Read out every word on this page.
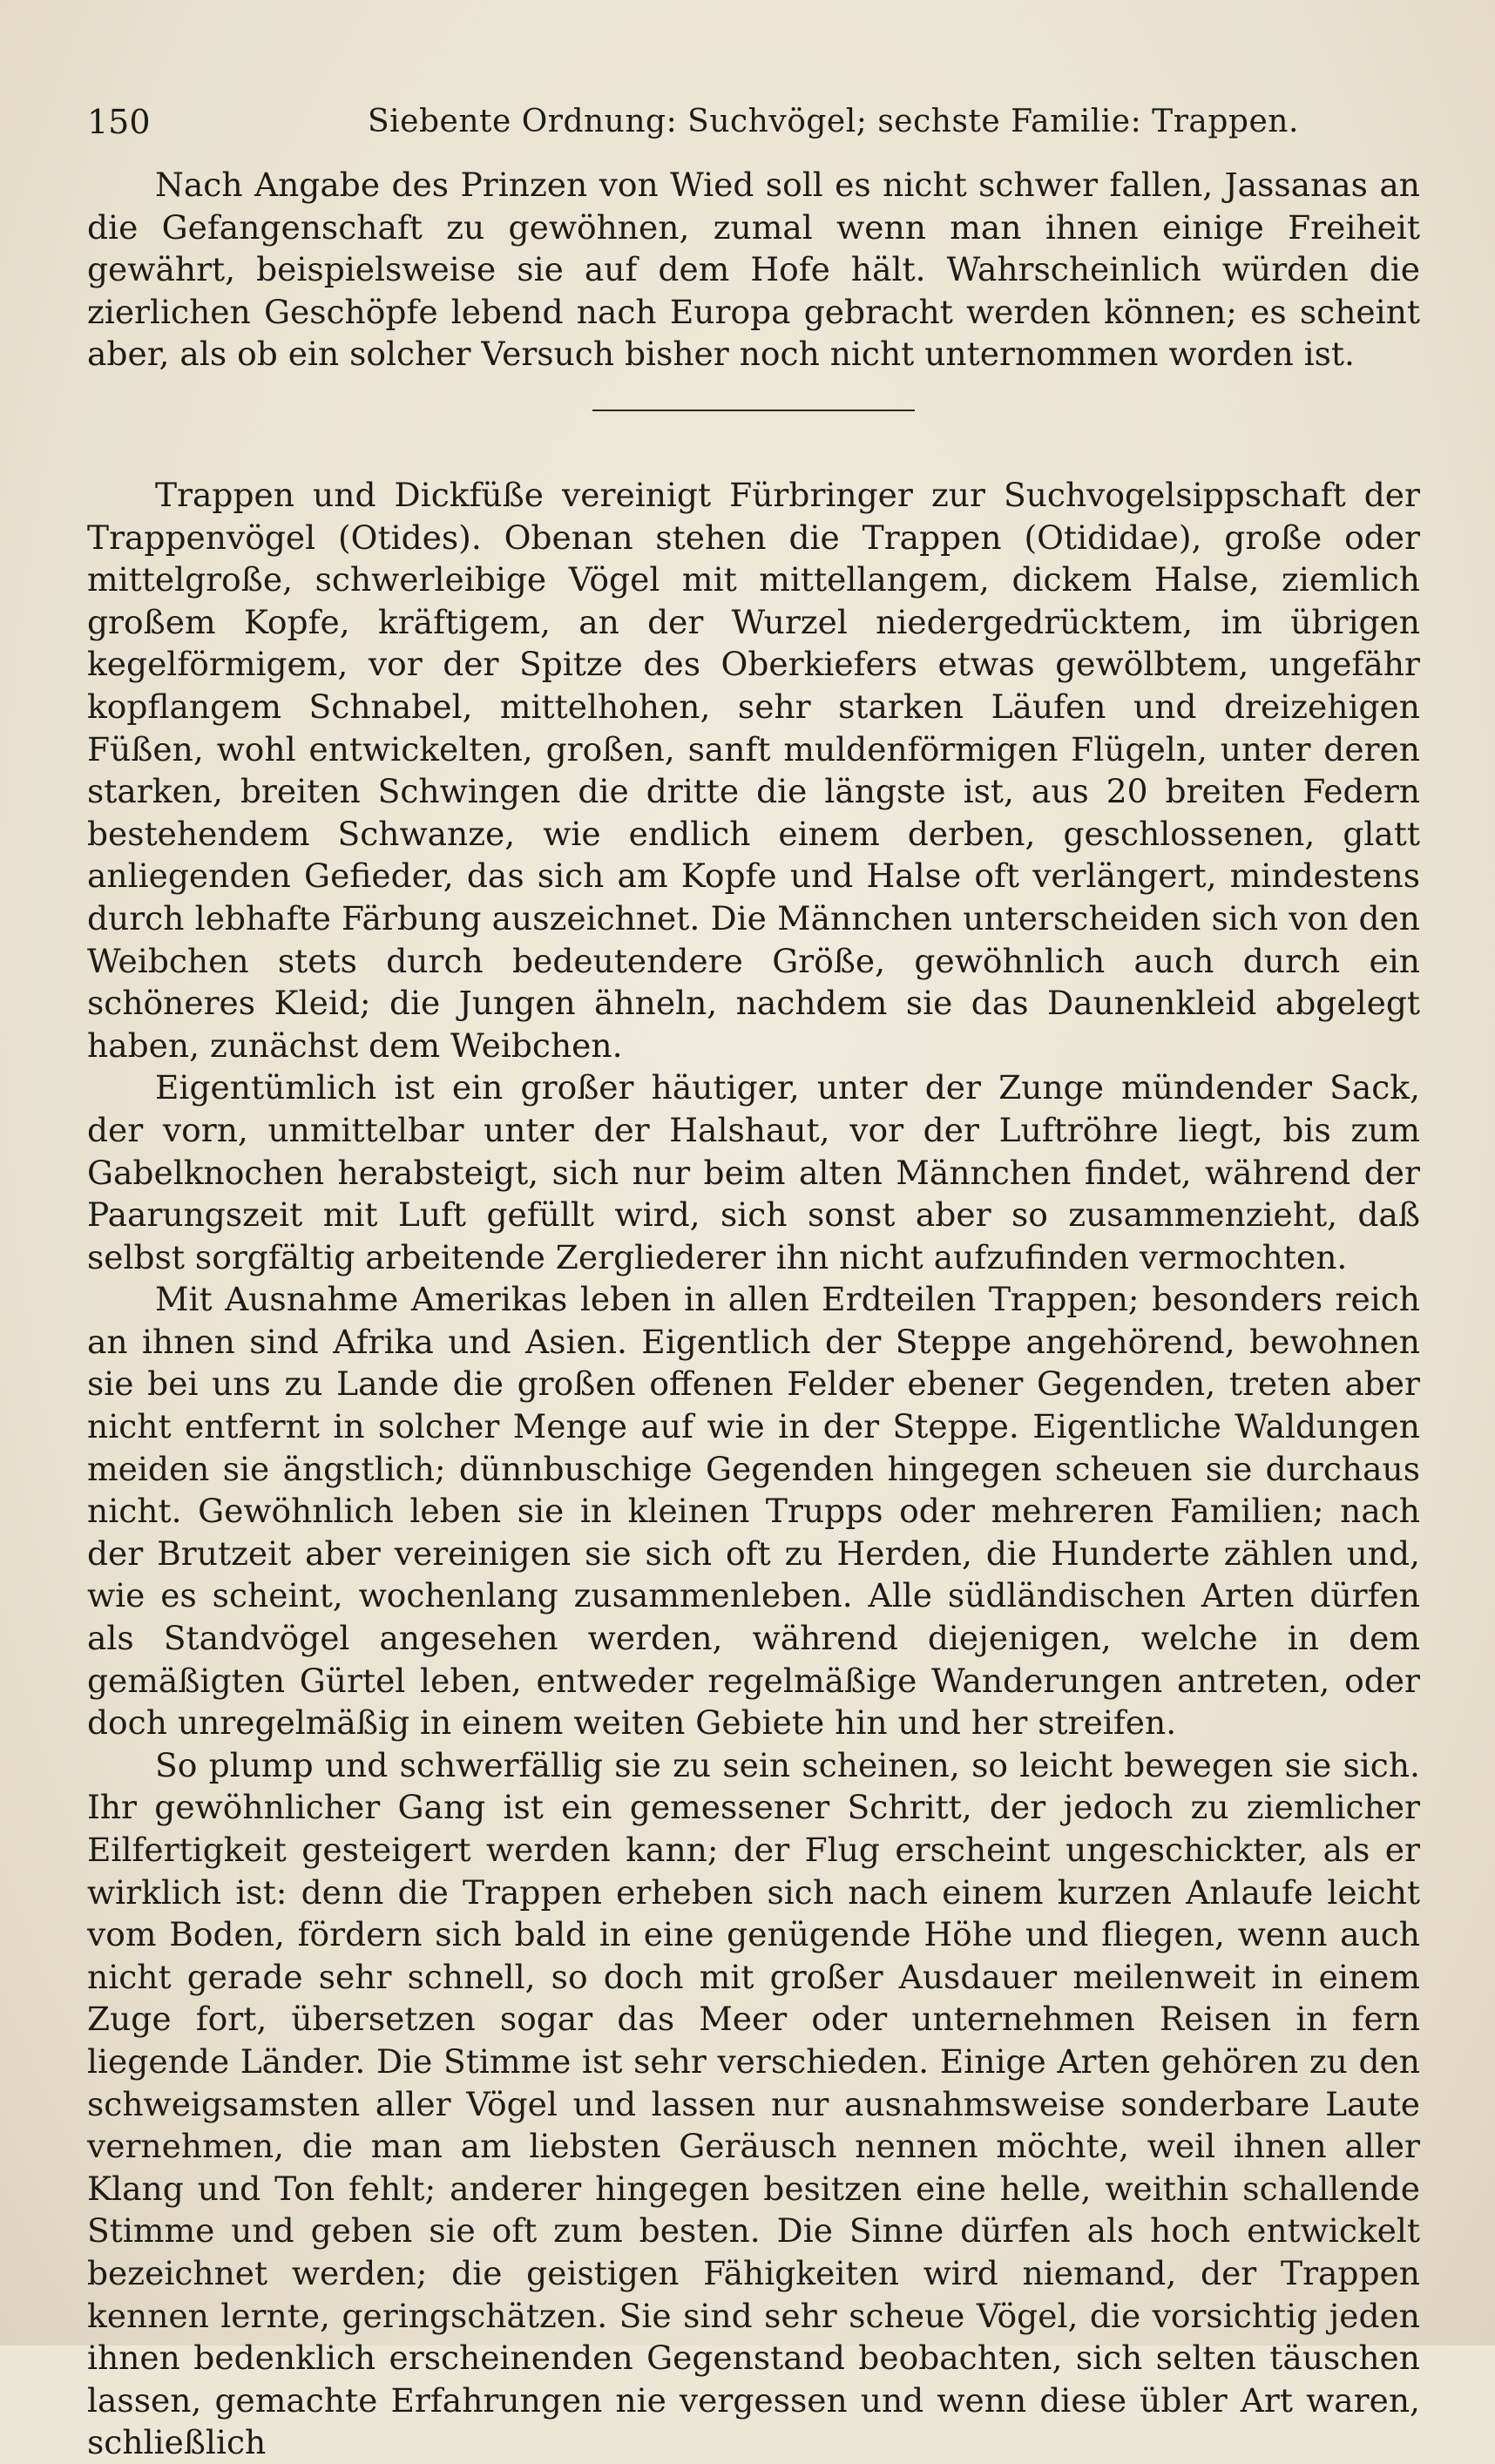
150	Siebente Ordnung: Suchvögel; sechste Familie: Trappen.

Nach Angabe des Prinzen von Wied soll es nicht schwer fallen, Jassanas an die Gefangenschaft zu gewöhnen, zumal wenn man ihnen einige Freiheit gewährt, beispielsweise sie auf dem Hofe hält. Wahrscheinlich würden die zierlichen Geschöpfe lebend nach Europa gebracht werden können; es scheint aber, als ob ein solcher Versuch bisher noch nicht unternommen worden ist.

Trappen und Dickfüße vereinigt Fürbringer zur Suchvogelsippschaft der Trappenvögel (Otides). Obenan stehen die Trappen (Otididae), große oder mittelgroße, schwerleibige Vögel mit mittellangem, dickem Halse, ziemlich großem Kopfe, kräftigem, an der Wurzel niedergedrücktem, im übrigen kegelförmigem, vor der Spitze des Oberkiefers etwas gewölbtem, ungefähr kopflangem Schnabel, mittelhohen, sehr starken Läufen und dreizehigen Füßen, wohl entwickelten, großen, sanft muldenförmigen Flügeln, unter deren starken, breiten Schwingen die dritte die längste ist, aus 20 breiten Federn bestehendem Schwanze, wie endlich einem derben, geschlossenen, glatt anliegenden Gefieder, das sich am Kopfe und Halse oft verlängert, mindestens durch lebhafte Färbung auszeichnet. Die Männchen unterscheiden sich von den Weibchen stets durch bedeutendere Größe, gewöhnlich auch durch ein schöneres Kleid; die Jungen ähneln, nachdem sie das Daunenkleid abgelegt haben, zunächst dem Weibchen.

Eigentümlich ist ein großer häutiger, unter der Zunge mündender Sack, der vorn, unmittelbar unter der Halshaut, vor der Luftröhre liegt, bis zum Gabelknochen herabsteigt, sich nur beim alten Männchen findet, während der Paarungszeit mit Luft gefüllt wird, sich sonst aber so zusammenzieht, daß selbst sorgfältig arbeitende Zergliederer ihn nicht aufzufinden vermochten.

Mit Ausnahme Amerikas leben in allen Erdteilen Trappen; besonders reich an ihnen sind Afrika und Asien. Eigentlich der Steppe angehörend, bewohnen sie bei uns zu Lande die großen offenen Felder ebener Gegenden, treten aber nicht entfernt in solcher Menge auf wie in der Steppe. Eigentliche Waldungen meiden sie ängstlich; dünnbuschige Gegenden hingegen scheuen sie durchaus nicht. Gewöhnlich leben sie in kleinen Trupps oder mehreren Familien; nach der Brutzeit aber vereinigen sie sich oft zu Herden, die Hunderte zählen und, wie es scheint, wochenlang zusammenleben. Alle südländischen Arten dürfen als Standvögel angesehen werden, während diejenigen, welche in dem gemäßigten Gürtel leben, entweder regelmäßige Wanderungen antreten, oder doch unregelmäßig in einem weiten Gebiete hin und her streifen.

So plump und schwerfällig sie zu sein scheinen, so leicht bewegen sie sich. Ihr gewöhnlicher Gang ist ein gemessener Schritt, der jedoch zu ziemlicher Eilfertigkeit gesteigert werden kann; der Flug erscheint ungeschickter, als er wirklich ist: denn die Trappen erheben sich nach einem kurzen Anlaufe leicht vom Boden, fördern sich bald in eine genügende Höhe und fliegen, wenn auch nicht gerade sehr schnell, so doch mit großer Ausdauer meilenweit in einem Zuge fort, übersetzen sogar das Meer oder unternehmen Reisen in fern liegende Länder. Die Stimme ist sehr verschieden. Einige Arten gehören zu den schweigsamsten aller Vögel und lassen nur ausnahmsweise sonderbare Laute vernehmen, die man am liebsten Geräusch nennen möchte, weil ihnen aller Klang und Ton fehlt; anderer hingegen besitzen eine helle, weithin schallende Stimme und geben sie oft zum besten. Die Sinne dürfen als hoch entwickelt bezeichnet werden; die geistigen Fähigkeiten wird niemand, der Trappen kennen lernte, geringschätzen. Sie sind sehr scheue Vögel, die vorsichtig jeden ihnen bedenklich erscheinenden Gegenstand beobachten, sich selten täuschen lassen, gemachte Erfahrungen nie vergessen und wenn diese übler Art waren, schließlich
